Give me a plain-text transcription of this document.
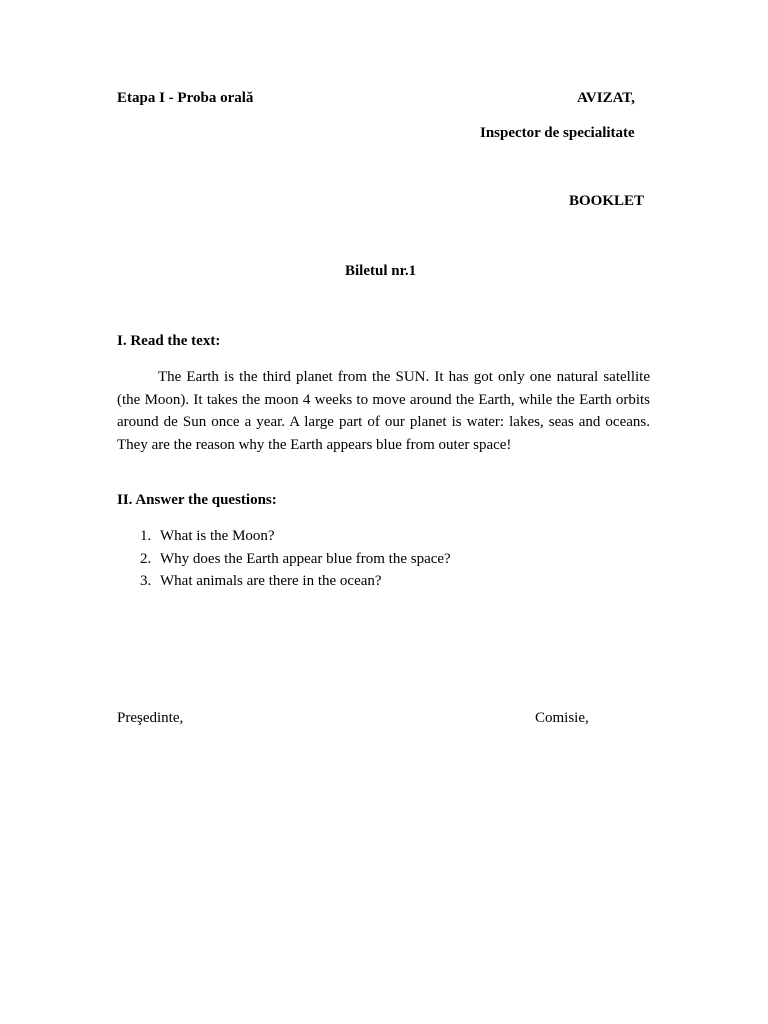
Etapa I - Proba orală	AVIZAT,

Inspector de specialitate

BOOKLET

Biletul nr.1

I. Read the text:

The Earth is the third planet from the SUN. It has got only one natural satellite (the Moon). It takes the moon 4 weeks to move around the Earth, while the Earth orbits around de Sun once a year. A large part of our planet is water: lakes, seas and oceans. They are the reason why the Earth appears blue from outer space!

II. Answer the questions:

1. What is the Moon?
2. Why does the Earth appear blue from the space?
3. What animals are there in the ocean?

Preşedinte,	Comisie,
